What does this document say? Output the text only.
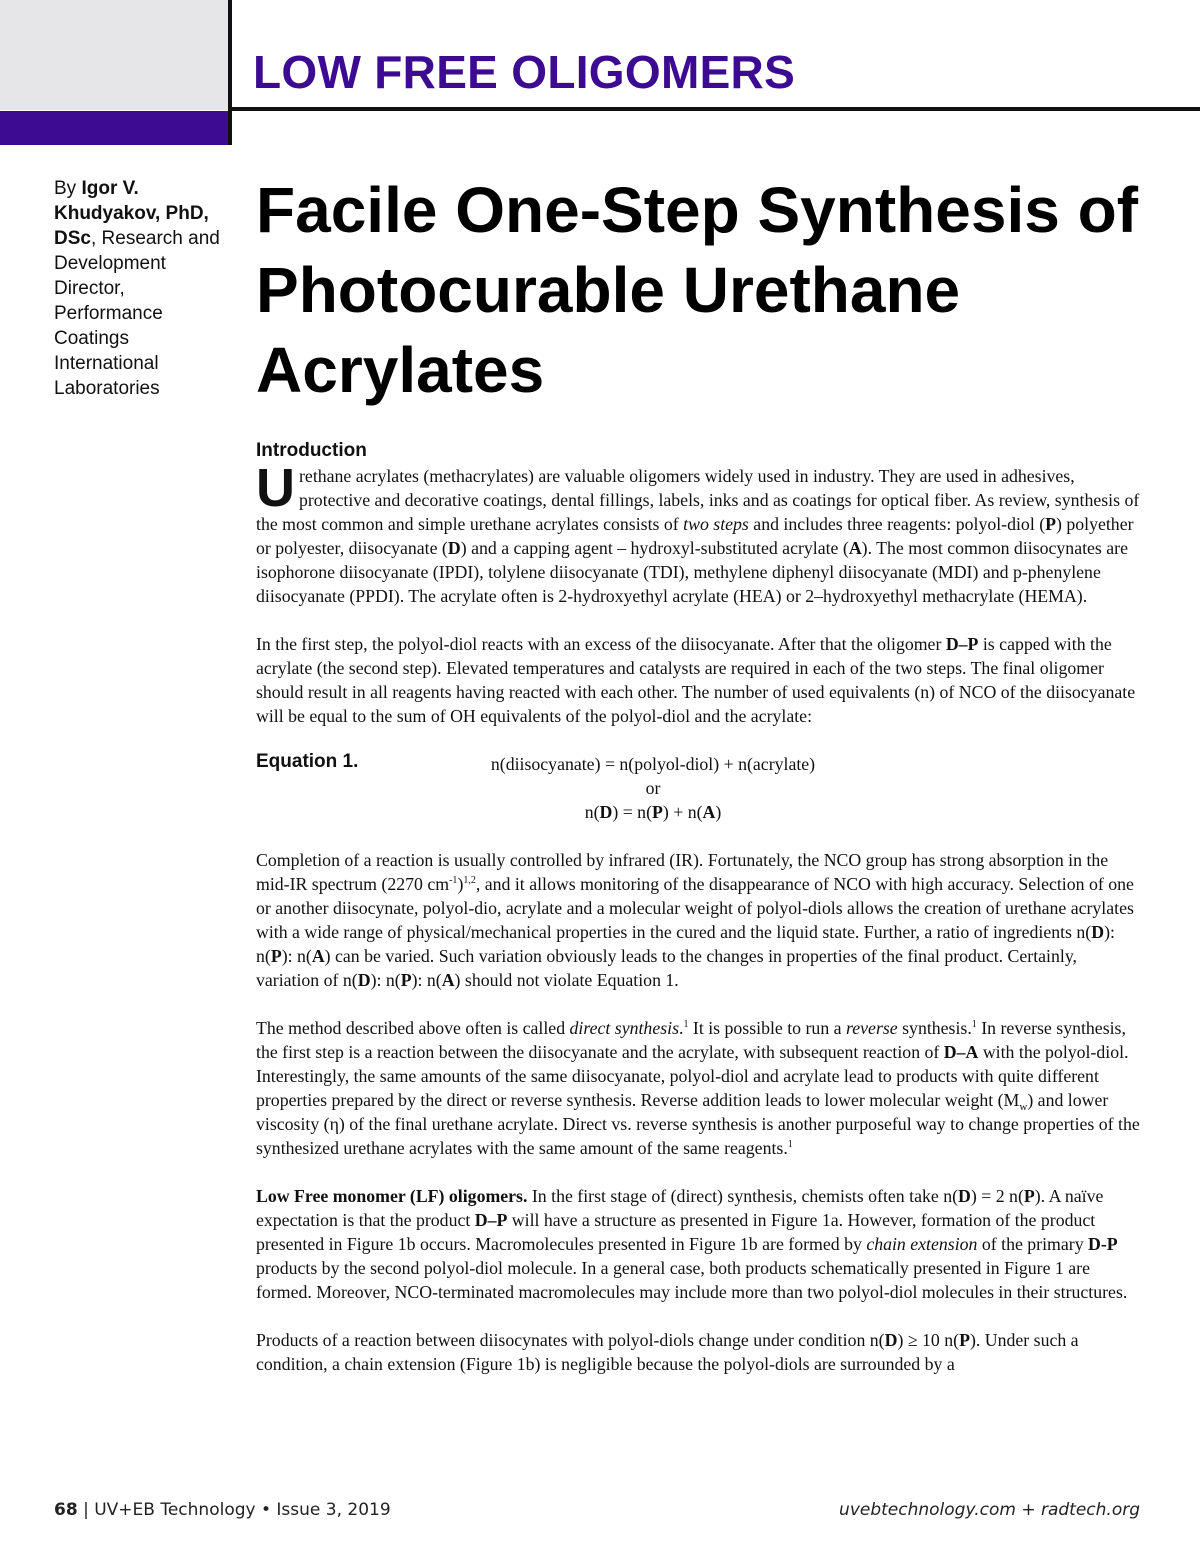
LOW FREE OLIGOMERS
By Igor V. Khudyakov, PhD, DSc, Research and Development Director, Performance Coatings International Laboratories
Facile One-Step Synthesis of Photocurable Urethane Acrylates

Introduction

Urethane acrylates (methacrylates) are valuable oligomers widely used in industry. They are used in adhesives, protective and decorative coatings, dental fillings, labels, inks and as coatings for optical fiber. As review, synthesis of the most common and simple urethane acrylates consists of two steps and includes three reagents: polyol-diol (P) polyether or polyester, diisocyanate (D) and a capping agent – hydroxyl-substituted acrylate (A). The most common diisocynates are isophorone diisocyanate (IPDI), tolylene diisocyanate (TDI), methylene diphenyl diisocyanate (MDI) and p-phenylene diisocyanate (PPDI). The acrylate often is 2-hydroxyethyl acrylate (HEA) or 2–hydroxyethyl methacrylate (HEMA).

In the first step, the polyol-diol reacts with an excess of the diisocyanate. After that the oligomer D–P is capped with the acrylate (the second step). Elevated temperatures and catalysts are required in each of the two steps. The final oligomer should result in all reagents having reacted with each other. The number of used equivalents (n) of NCO of the diisocyanate will be equal to the sum of OH equivalents of the polyol-diol and the acrylate:

Equation 1.	n(diisocyanate) = n(polyol-diol) + n(acrylate)
or
n(D) = n(P) + n(A)

Completion of a reaction is usually controlled by infrared (IR). Fortunately, the NCO group has strong absorption in the mid-IR spectrum (2270 $cm^{-1})^{1,2}$, and it allows monitoring of the disappearance of NCO with high accuracy. Selection of one or another diisocynate, polyol-dio, acrylate and a molecular weight of polyol-diols allows the creation of urethane acrylates with a wide range of physical/mechanical properties in the cured and the liquid state. Further, a ratio of ingredients n(D): n(P): n(A) can be varied. Such variation obviously leads to the changes in properties of the final product. Certainly, variation of n(D): n(P): n(A) should not violate Equation 1.

The method described above often is called direct synthesis.$^1$ It is possible to run a reverse synthesis.$^1$ In reverse synthesis, the first step is a reaction between the diisocyanate and the acrylate, with subsequent reaction of D–A with the polyol-diol. Interestingly, the same amounts of the same diisocyanate, polyol-diol and acrylate lead to products with quite different properties prepared by the direct or reverse synthesis. Reverse addition leads to lower molecular weight $(M_w)$ and lower viscosity (η) of the final urethane acrylate. Direct vs. reverse synthesis is another purposeful way to change properties of the synthesized urethane acrylates with the same amount of the same reagents.$^1$

Low Free monomer (LF) oligomers. In the first stage of (direct) synthesis, chemists often take n(D) = 2 n(P). A naïve expectation is that the product D–P will have a structure as presented in Figure 1a. However, formation of the product presented in Figure 1b occurs. Macromolecules presented in Figure 1b are formed by chain extension of the primary D-P products by the second polyol-diol molecule. In a general case, both products schematically presented in Figure 1 are formed. Moreover, NCO-terminated macromolecules may include more than two polyol-diol molecules in their structures.

Products of a reaction between diisocynates with polyol-diols change under condition n(D) ≥ 10 n(P). Under such a condition, a chain extension (Figure 1b) is negligible because the polyol-diols are surrounded by a

68 | UV+EB Technology • Issue 3, 2019	uvebtechnology.com + radtech.org
